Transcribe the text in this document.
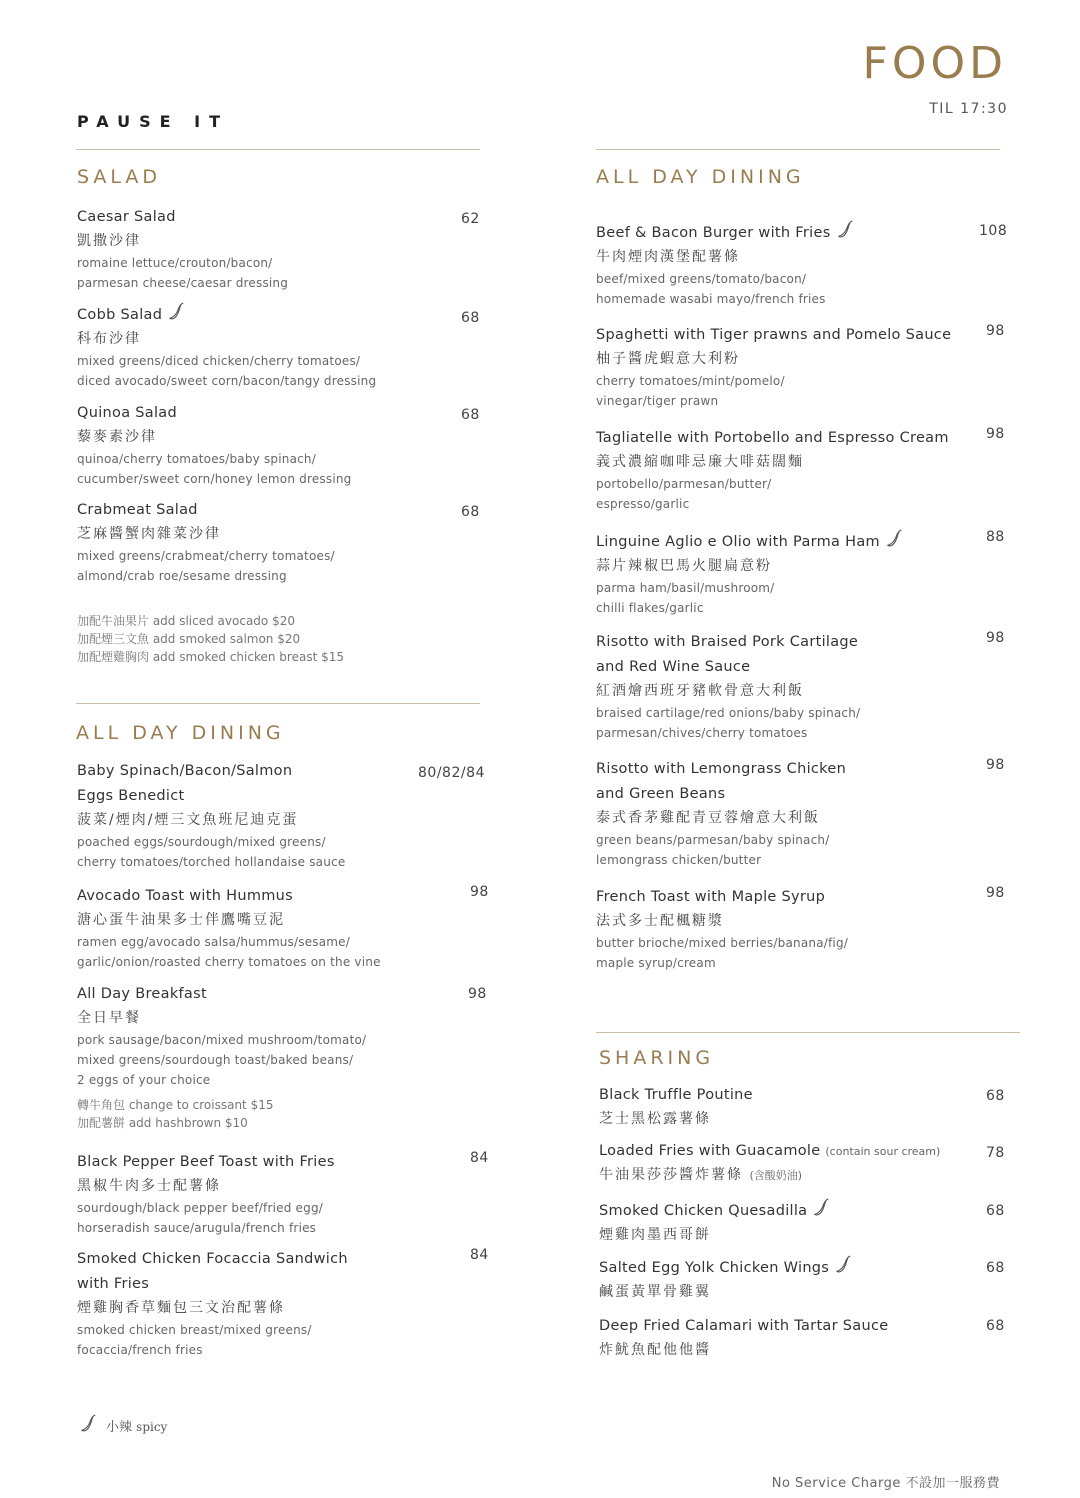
PAUSE IT
FOOD
TIL 17:30
SALAD
Caesar Salad
凱撒沙律
romaine lettuce/crouton/bacon/
parmesan cheese/caesar dressing
62
Cobb Salad
科布沙律
mixed greens/diced chicken/cherry tomatoes/
diced avocado/sweet corn/bacon/tangy dressing
68
Quinoa Salad
藜麥素沙律
quinoa/cherry tomatoes/baby spinach/
cucumber/sweet corn/honey lemon dressing
68
Crabmeat Salad
芝麻醬蟹肉雜菜沙律
mixed greens/crabmeat/cherry tomatoes/
almond/crab roe/sesame dressing
68
加配牛油果片 add sliced avocado $20
加配煙三文魚 add smoked salmon $20
加配煙雞胸肉 add smoked chicken breast $15
ALL DAY DINING
Baby Spinach/Bacon/Salmon
Eggs Benedict
菠菜/煙肉/煙三文魚班尼迪克蛋
poached eggs/sourdough/mixed greens/
cherry tomatoes/torched hollandaise sauce
80/82/84
Avocado Toast with Hummus
溏心蛋牛油果多士伴鷹嘴豆泥
ramen egg/avocado salsa/hummus/sesame/
garlic/onion/roasted cherry tomatoes on the vine
98
All Day Breakfast
全日早餐
pork sausage/bacon/mixed mushroom/tomato/
mixed greens/sourdough toast/baked beans/
2 eggs of your choice
轉牛角包 change to croissant $15
加配薯餅 add hashbrown $10
98
Black Pepper Beef Toast with Fries
黑椒牛肉多士配薯條
sourdough/black pepper beef/fried egg/
horseradish sauce/arugula/french fries
84
Smoked Chicken Focaccia Sandwich
with Fries
煙雞胸香草麵包三文治配薯條
smoked chicken breast/mixed greens/
focaccia/french fries
84
小辣 spicy
ALL DAY DINING
Beef & Bacon Burger with Fries
牛肉煙肉漢堡配薯條
beef/mixed greens/tomato/bacon/
homemade wasabi mayo/french fries
108
Spaghetti with Tiger prawns and Pomelo Sauce
柚子醬虎蝦意大利粉
cherry tomatoes/mint/pomelo/
vinegar/tiger prawn
98
Tagliatelle with Portobello and Espresso Cream
義式濃縮咖啡忌廉大啡菇闊麵
portobello/parmesan/butter/
espresso/garlic
98
Linguine Aglio e Olio with Parma Ham
蒜片辣椒巴馬火腿扁意粉
parma ham/basil/mushroom/
chilli flakes/garlic
88
Risotto with Braised Pork Cartilage
and Red Wine Sauce
紅酒燴西班牙豬軟骨意大利飯
braised cartilage/red onions/baby spinach/
parmesan/chives/cherry tomatoes
98
Risotto with Lemongrass Chicken
and Green Beans
泰式香茅雞配青豆蓉燴意大利飯
green beans/parmesan/baby spinach/
lemongrass chicken/butter
98
French Toast with Maple Syrup
法式多士配楓糖漿
butter brioche/mixed berries/banana/fig/
maple syrup/cream
98
SHARING
Black Truffle Poutine
芝士黑松露薯條
68
Loaded Fries with Guacamole (contain sour cream)
牛油果莎莎醬炸薯條 (含酸奶油)
78
Smoked Chicken Quesadilla
煙雞肉墨西哥餅
68
Salted Egg Yolk Chicken Wings
鹹蛋黃單骨雞翼
68
Deep Fried Calamari with Tartar Sauce
炸魷魚配他他醬
68
No Service Charge 不設加一服務費
